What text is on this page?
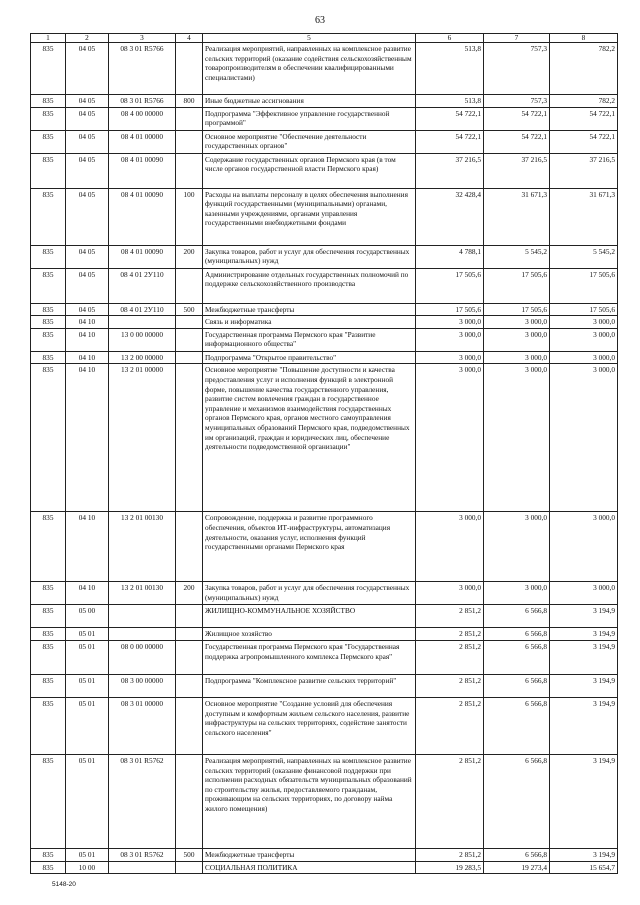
63
1	2	3	4	5	6	7	8
835	04 05	08 3 01 R5766		Реализация мероприятий, направленных на комплексное развитие сельских территорий (оказание содействия сельскохозяйственным товаропроизводителям в обеспечении квалифицированными специалистами)	513,8	757,3	782,2
835	04 05	08 3 01 R5766	800	Иные бюджетные ассигнования	513,8	757,3	782,2
835	04 05	08 4 00 00000		Подпрограмма "Эффективное управление государственной программой"	54 722,1	54 722,1	54 722,1
835	04 05	08 4 01 00000		Основное мероприятие "Обеспечение деятельности государственных органов"	54 722,1	54 722,1	54 722,1
835	04 05	08 4 01 00090		Содержание государственных органов Пермского края (в том числе органов государственной власти Пермского края)	37 216,5	37 216,5	37 216,5
835	04 05	08 4 01 00090	100	Расходы на выплаты персоналу в целях обеспечения выполнения функций государственными (муниципальными) органами, казенными учреждениями, органами управления государственными внебюджетными фондами	32 428,4	31 671,3	31 671,3
835	04 05	08 4 01 00090	200	Закупка товаров, работ и услуг для обеспечения государственных (муниципальных) нужд	4 788,1	5 545,2	5 545,2
835	04 05	08 4 01 2У110		Администрирование отдельных государственных полномочий по поддержке сельскохозяйственного производства	17 505,6	17 505,6	17 505,6
835	04 05	08 4 01 2У110	500	Межбюджетные трансферты	17 505,6	17 505,6	17 505,6
835	04 10			Связь и информатика	3 000,0	3 000,0	3 000,0
835	04 10	13 0 00 00000		Государственная программа Пермского края "Развитие информационного общества"	3 000,0	3 000,0	3 000,0
835	04 10	13 2 00 00000		Подпрограмма "Открытое правительство"	3 000,0	3 000,0	3 000,0
835	04 10	13 2 01 00000		Основное мероприятие "Повышение доступности и качества предоставления услуг и исполнения функций в электронной форме, повышение качества государственного управления, развитие систем вовлечения граждан в государственное управление и механизмов взаимодействия государственных органов Пермского края, органов местного самоуправления муниципальных образований Пермского края, подведомственных им организаций, граждан и юридических лиц, обеспечение деятельности подведомственной организации"	3 000,0	3 000,0	3 000,0
835	04 10	13 2 01 00130		Сопровождение, поддержка и развитие программного обеспечения, объектов ИТ-инфраструктуры, автоматизация деятельности, оказания услуг, исполнения функций государственными органами Пермского края	3 000,0	3 000,0	3 000,0
835	04 10	13 2 01 00130	200	Закупка товаров, работ и услуг для обеспечения государственных (муниципальных) нужд	3 000,0	3 000,0	3 000,0
835	05 00			ЖИЛИЩНО-КОММУНАЛЬНОЕ ХОЗЯЙСТВО	2 851,2	6 566,8	3 194,9
835	05 01			Жилищное хозяйство	2 851,2	6 566,8	3 194,9
835	05 01	08 0 00 00000		Государственная программа Пермского края "Государственная поддержка агропромышленного комплекса Пермского края"	2 851,2	6 566,8	3 194,9
835	05 01	08 3 00 00000		Подпрограмма "Комплексное развитие сельских территорий"	2 851,2	6 566,8	3 194,9
835	05 01	08 3 01 00000		Основное мероприятие "Создание условий для обеспечения доступным и комфортным жильем сельского населения, развитие инфраструктуры на сельских территориях, содействие занятости сельского населения"	2 851,2	6 566,8	3 194,9
835	05 01	08 3 01 R5762		Реализация мероприятий, направленных на комплексное развитие сельских территорий (оказание финансовой поддержки при исполнении расходных обязательств муниципальных образований по строительству жилья, предоставляемого гражданам, проживающим на сельских территориях, по договору найма жилого помещения)	2 851,2	6 566,8	3 194,9
835	05 01	08 3 01 R5762	500	Межбюджетные трансферты	2 851,2	6 566,8	3 194,9
835	10 00			СОЦИАЛЬНАЯ ПОЛИТИКА	19 283,5	19 273,4	15 654,7
5148-20
